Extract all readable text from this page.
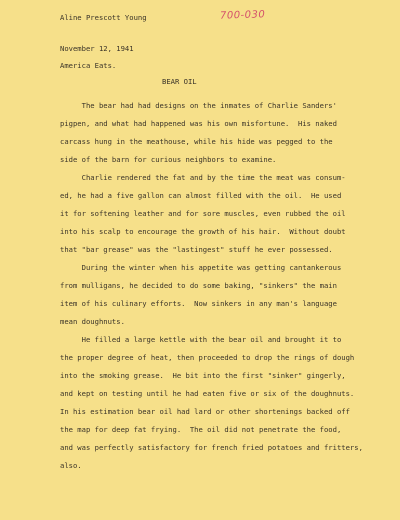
Aline Prescott Young	700-030

November 12, 1941

America Eats.

BEAR OIL

The bear had had designs on the inmates of Charlie Sanders'

pigpen, and what had happened was his own misfortune.  His naked

carcass hung in the meathouse, while his hide was pegged to the

side of the barn for curious neighbors to examine.

Charlie rendered the fat and by the time the meat was consum-

ed, he had a five gallon can almost filled with the oil.  He used

it for softening leather and for sore muscles, even rubbed the oil

into his scalp to encourage the growth of his hair.  Without doubt

that "bar grease" was the "lastingest" stuff he ever possessed.

During the winter when his appetite was getting cantankerous

from mulligans, he decided to do some baking, "sinkers" the main

item of his culinary efforts.  Now sinkers in any man's language

mean doughnuts.

He filled a large kettle with the bear oil and brought it to

the proper degree of heat, then proceeded to drop the rings of dough

into the smoking grease.  He bit into the first "sinker" gingerly,

and kept on testing until he had eaten five or six of the doughnuts.

In his estimation bear oil had lard or other shortenings backed off

the map for deep fat frying.  The oil did not penetrate the food,

and was perfectly satisfactory for french fried potatoes and fritters,

also.
